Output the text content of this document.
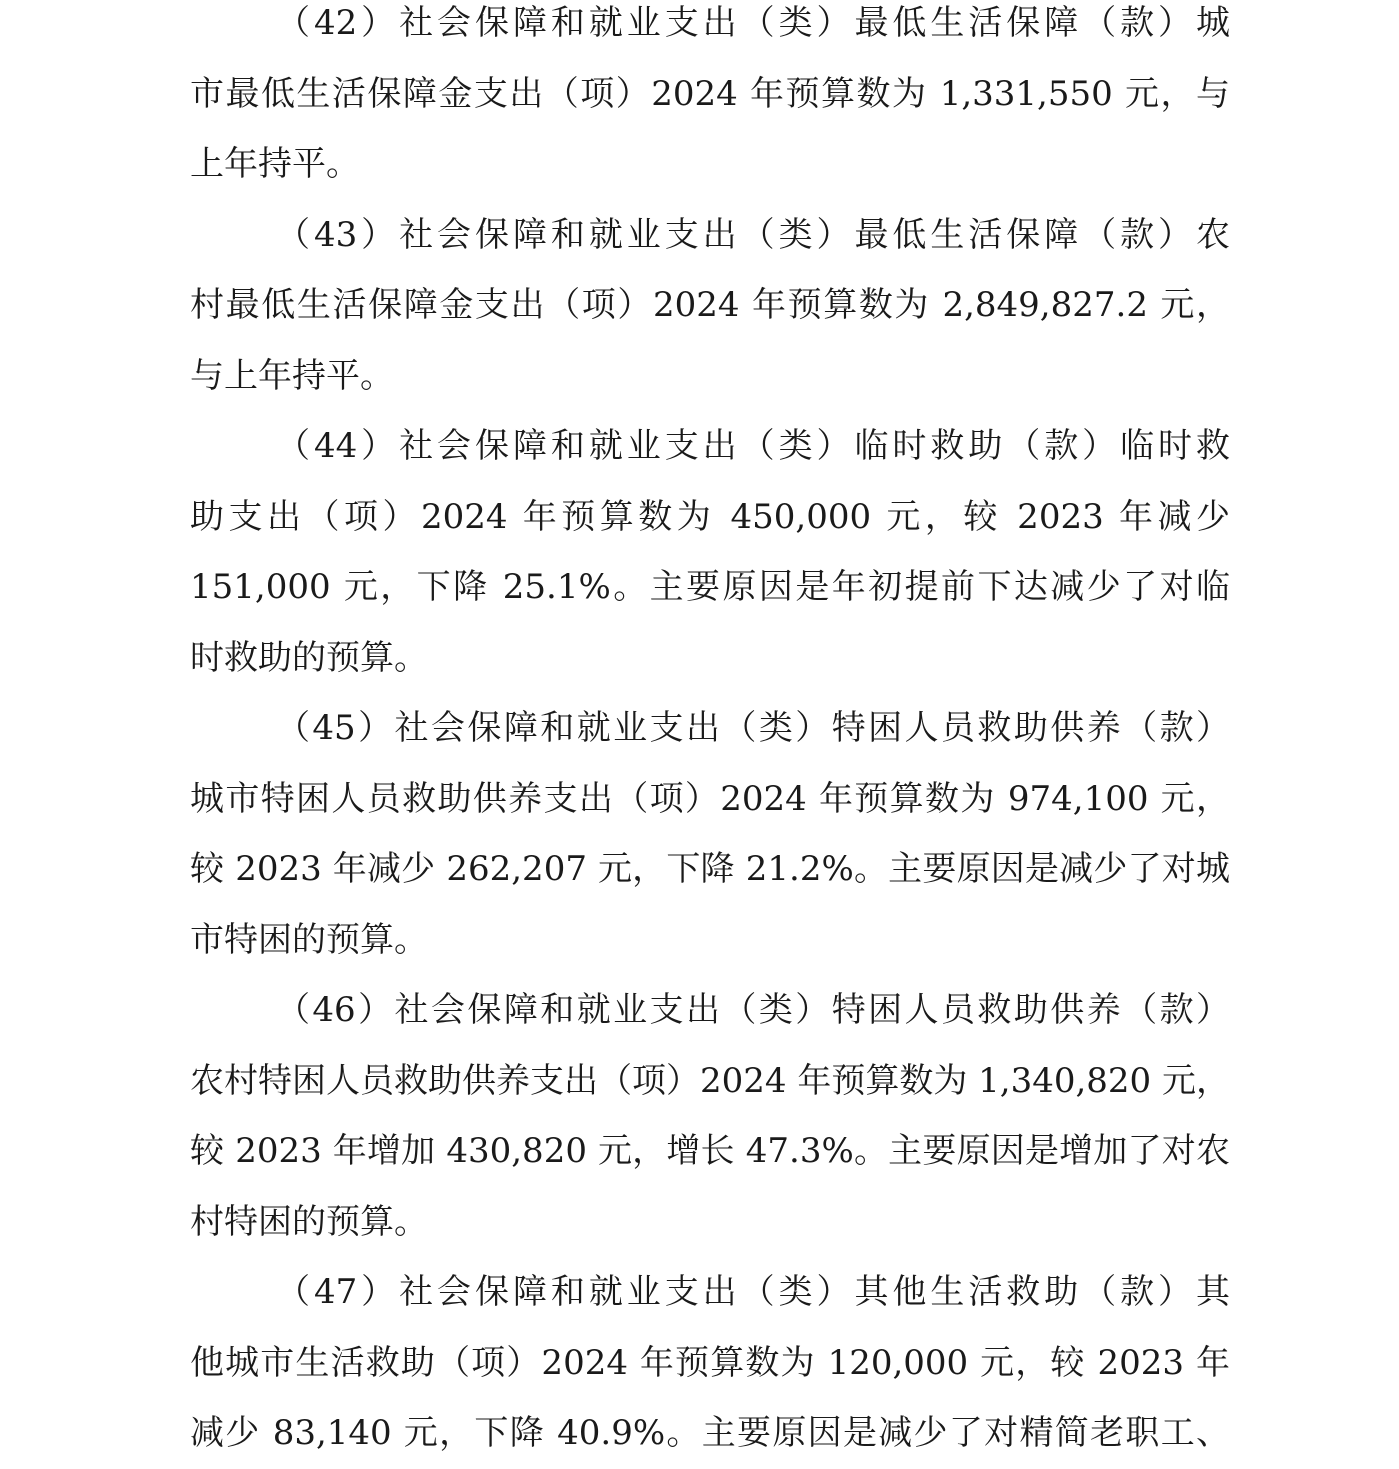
（42）社会保障和就业支出（类）最低生活保障（款）城
市最低生活保障金支出（项）2024 年预算数为 1,331,550 元，与
上年持平。
（43）社会保障和就业支出（类）最低生活保障（款）农
村最低生活保障金支出（项）2024 年预算数为 2,849,827.2 元，
与上年持平。
（44）社会保障和就业支出（类）临时救助（款）临时救
助支出（项）2024 年预算数为 450,000 元，较 2023 年减少
151,000 元，下降 25.1%。主要原因是年初提前下达减少了对临
时救助的预算。
（45）社会保障和就业支出（类）特困人员救助供养（款）
城市特困人员救助供养支出（项）2024 年预算数为 974,100 元，
较 2023 年减少 262,207 元，下降 21.2%。主要原因是减少了对城
市特困的预算。
（46）社会保障和就业支出（类）特困人员救助供养（款）
农村特困人员救助供养支出（项）2024 年预算数为 1,340,820 元，
较 2023 年增加 430,820 元，增长 47.3%。主要原因是增加了对农
村特困的预算。
（47）社会保障和就业支出（类）其他生活救助（款）其
他城市生活救助（项）2024 年预算数为 120,000 元，较 2023 年
减少 83,140 元，下降 40.9%。主要原因是减少了对精简老职工、
